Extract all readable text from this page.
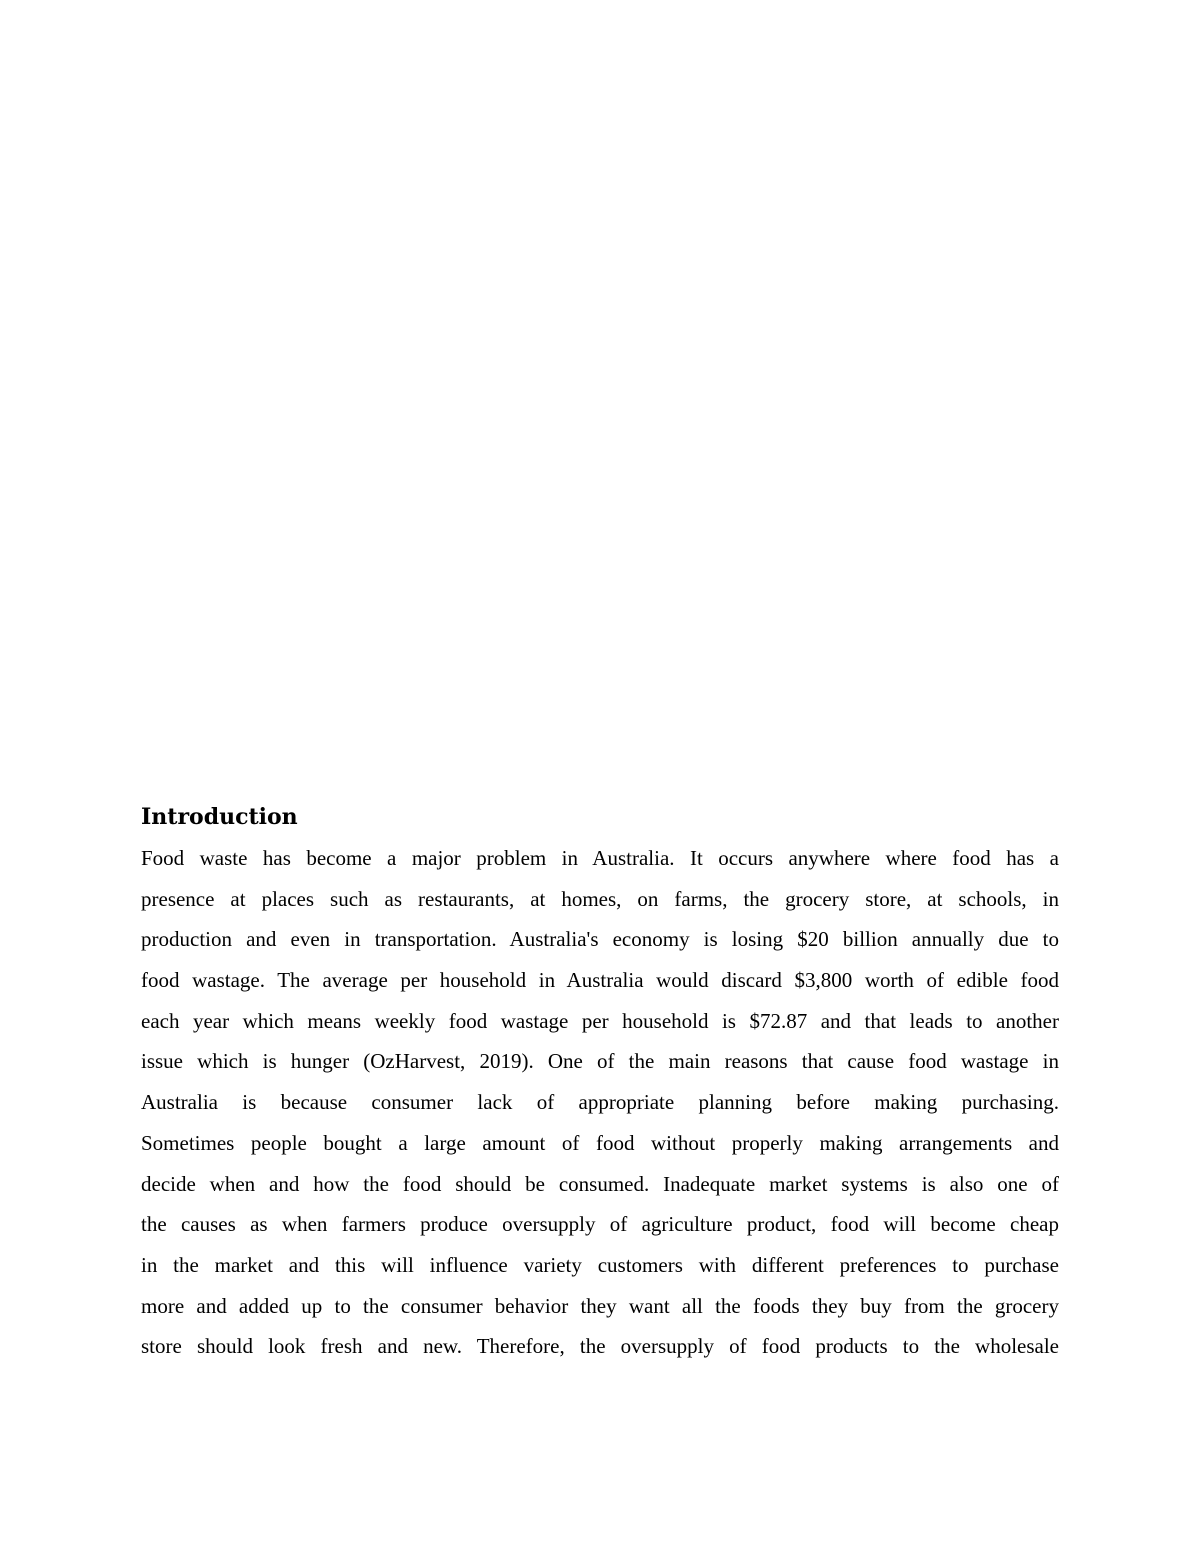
Introduction
Food waste has become a major problem in Australia. It occurs anywhere where food has a
presence at places such as restaurants, at homes, on farms, the grocery store, at schools, in
production and even in transportation. Australia's economy is losing $20 billion annually due to
food wastage. The average per household in Australia would discard $3,800 worth of edible food
each year which means weekly food wastage per household is $72.87 and that leads to another
issue which is hunger (OzHarvest, 2019). One of the main reasons that cause food wastage in
Australia is because consumer lack of appropriate planning before making purchasing.
Sometimes people bought a large amount of food without properly making arrangements and
decide when and how the food should be consumed. Inadequate market systems is also one of
the causes as when farmers produce oversupply of agriculture product, food will become cheap
in the market and this will influence variety customers with different preferences to purchase
more and added up to the consumer behavior they want all the foods they buy from the grocery
store should look fresh and new. Therefore, the oversupply of food products to the wholesale
